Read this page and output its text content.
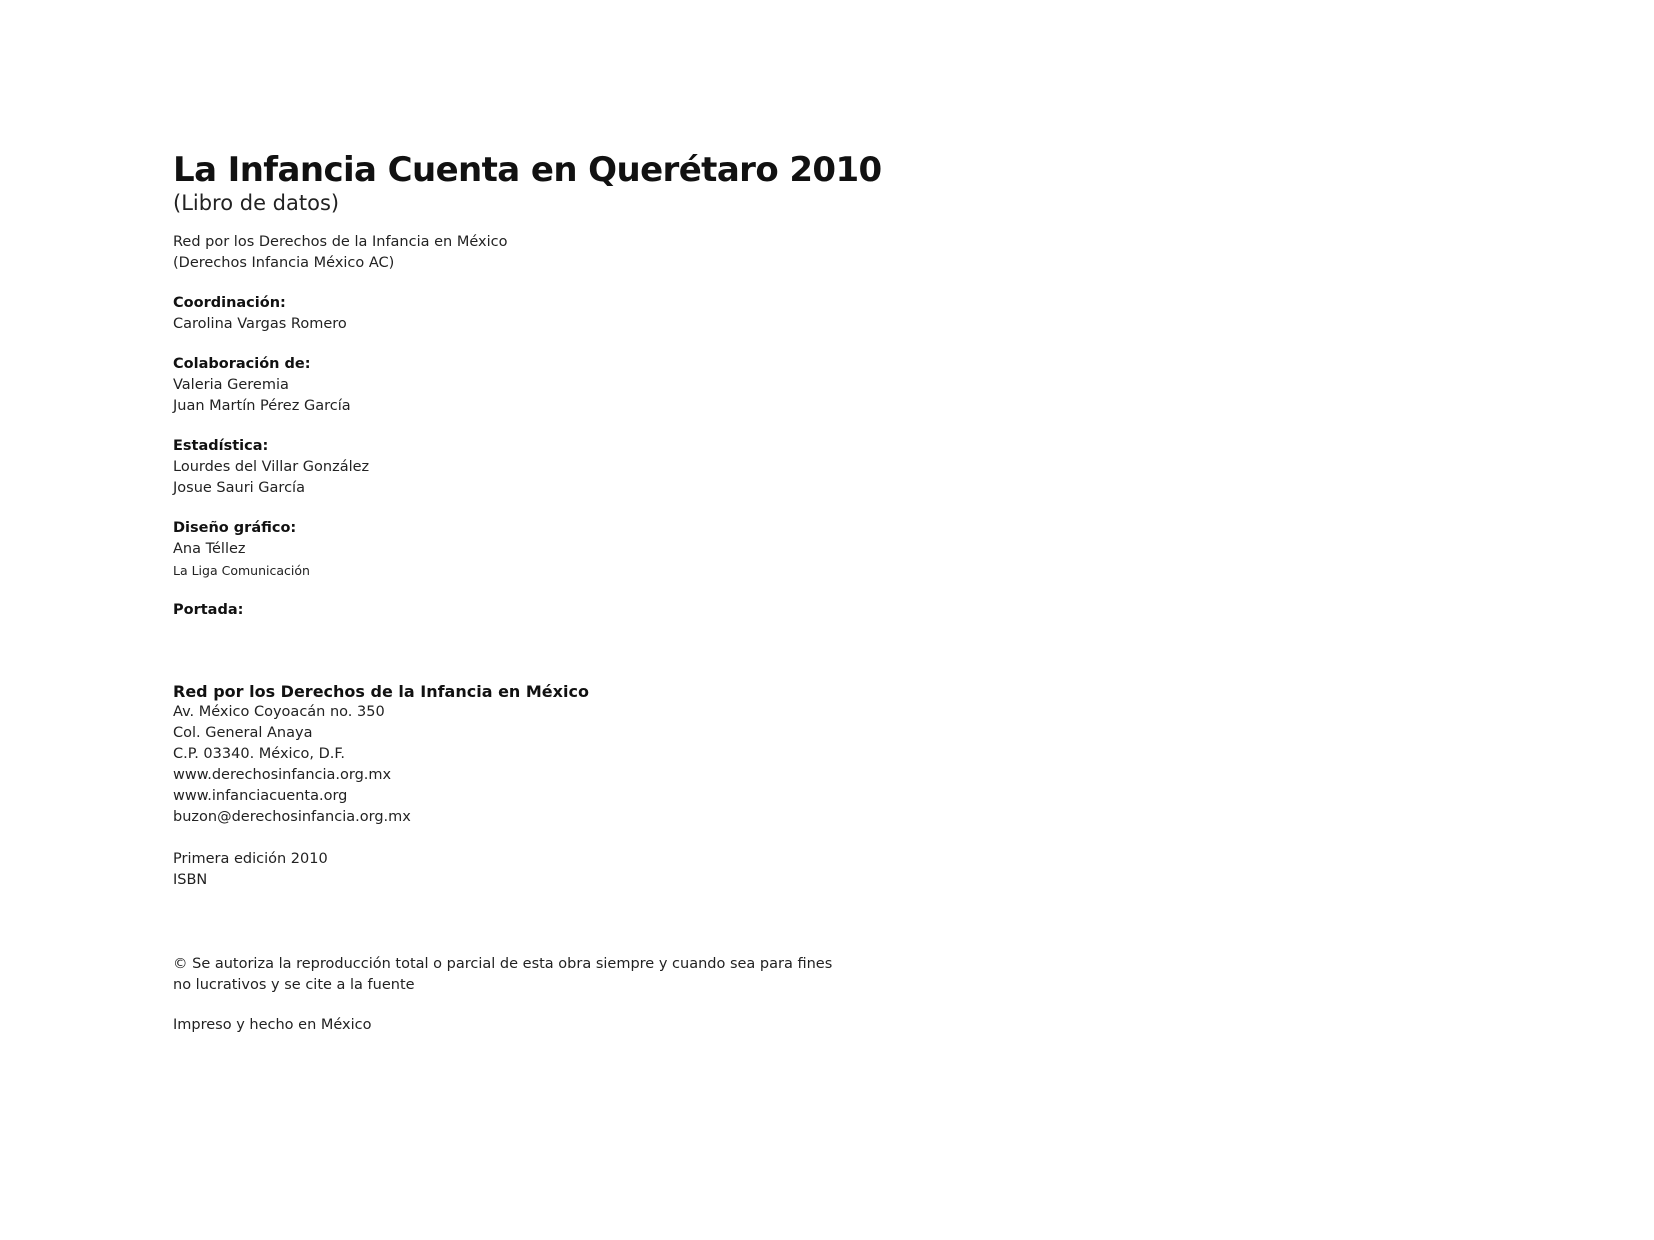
La Infancia Cuenta en Querétaro 2010

(Libro de datos)

Red por los Derechos de la Infancia en México
(Derechos Infancia México AC)
Coordinación:
Carolina Vargas Romero
Colaboración de:
Valeria Geremia
Juan Martín Pérez García
Estadística:
Lourdes del Villar González
Josue Sauri García
Diseño gráfico:
Ana Téllez
La Liga Comunicación
Portada:
Red por los Derechos de la Infancia en México
Av. México Coyoacán no. 350
Col. General Anaya
C.P. 03340. México, D.F.
www.derechosinfancia.org.mx
www.infanciacuenta.org
buzon@derechosinfancia.org.mx
Primera edición 2010
ISBN
© Se autoriza la reproducción total o parcial de esta obra siempre y cuando sea para fines no lucrativos y se cite a la fuente
Impreso y hecho en México
